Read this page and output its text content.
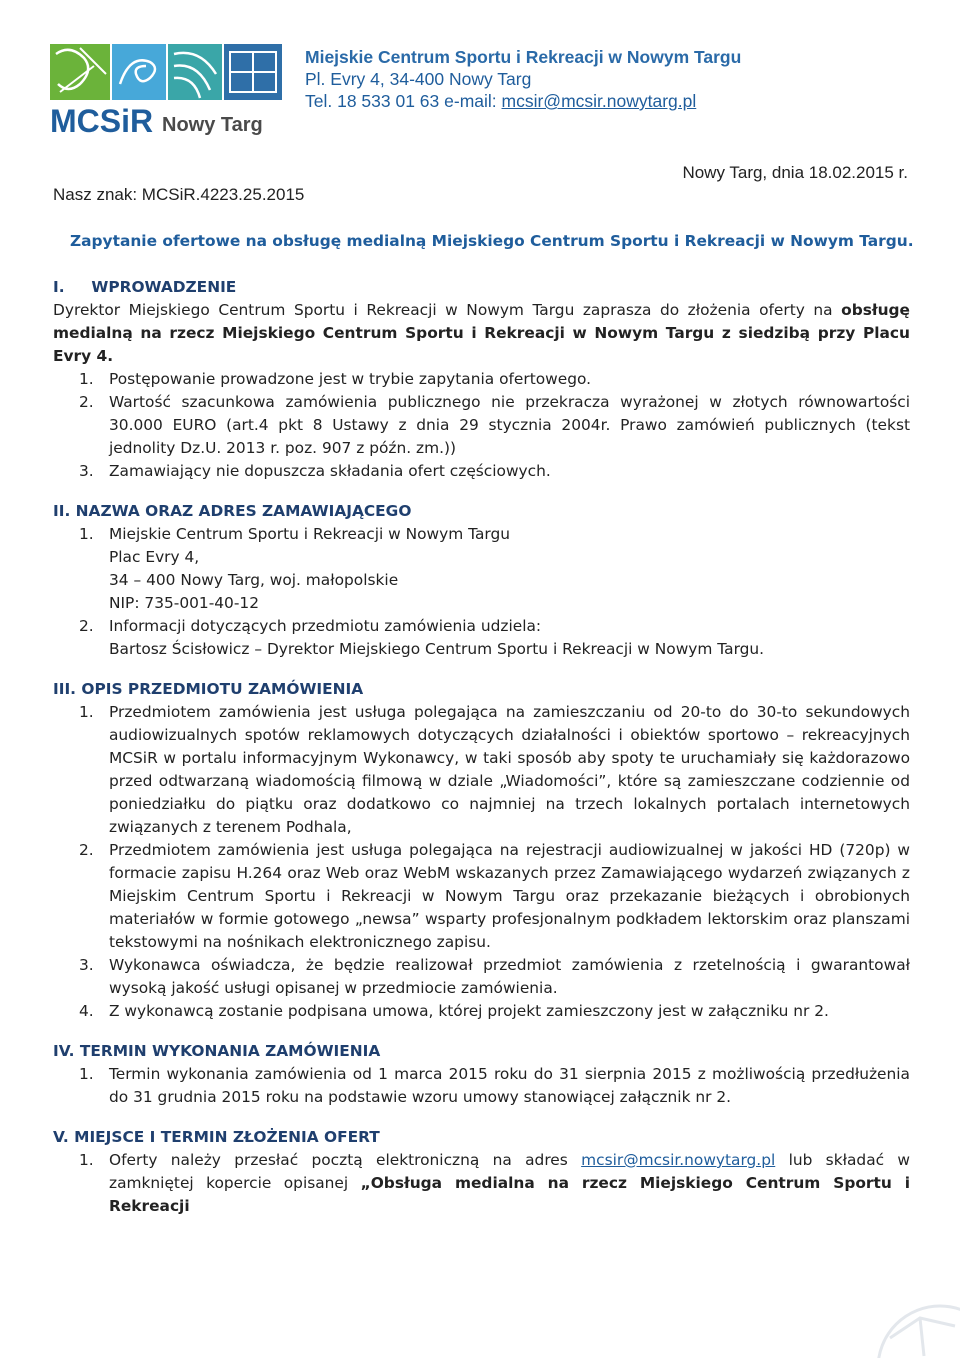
MCSiR Nowy Targ
Miejskie Centrum Sportu i Rekreacji w Nowym Targu
Pl. Evry 4, 34-400 Nowy Targ
Tel. 18 533 01 63 e-mail: mcsir@mcsir.nowytarg.pl
Nowy Targ, dnia 18.02.2015 r.
Nasz znak: MCSiR.4223.25.2015
Zapytanie ofertowe na obsługę medialną Miejskiego Centrum Sportu i Rekreacji w Nowym Targu.
I.     WPROWADZENIE
Dyrektor Miejskiego Centrum Sportu i Rekreacji w Nowym Targu zaprasza do złożenia oferty na obsługę medialną na rzecz Miejskiego Centrum Sportu i Rekreacji w Nowym Targu z siedzibą przy Placu Evry 4.
1. Postępowanie prowadzone jest w trybie zapytania ofertowego.
2. Wartość szacunkowa zamówienia publicznego nie przekracza wyrażonej w złotych równowartości 30.000 EURO (art.4 pkt 8 Ustawy z dnia 29 stycznia 2004r. Prawo zamówień publicznych (tekst jednolity Dz.U. 2013 r. poz. 907 z późn. zm.))
3. Zamawiający nie dopuszcza składania ofert częściowych.
II. NAZWA ORAZ ADRES ZAMAWIAJĄCEGO
1. Miejskie Centrum Sportu i Rekreacji w Nowym Targu
Plac Evry 4,
34 – 400 Nowy Targ, woj. małopolskie
NIP: 735-001-40-12
2. Informacji dotyczących przedmiotu zamówienia udziela:
Bartosz Ścisłowicz – Dyrektor Miejskiego Centrum Sportu i Rekreacji w Nowym Targu.
III. OPIS PRZEDMIOTU ZAMÓWIENIA
1. Przedmiotem zamówienia jest usługa polegająca na zamieszczaniu od 20-to do 30-to sekundowych audiowizualnych spotów reklamowych dotyczących działalności i obiektów sportowo – rekreacyjnych MCSiR w portalu informacyjnym Wykonawcy, w taki sposób aby spoty te uruchamiały się każdorazowo przed odtwarzaną wiadomością filmową w dziale „Wiadomości”, które są zamieszczane codziennie od poniedziałku do piątku oraz dodatkowo co najmniej na trzech lokalnych portalach internetowych związanych z terenem Podhala,
2. Przedmiotem zamówienia jest usługa polegająca na rejestracji audiowizualnej w jakości HD (720p) w formacie zapisu H.264 oraz Web oraz WebM wskazanych przez Zamawiającego wydarzeń związanych z Miejskim Centrum Sportu i Rekreacji w Nowym Targu oraz przekazanie bieżących i obrobionych materiałów w formie gotowego „newsa” wsparty profesjonalnym podkładem lektorskim oraz planszami tekstowymi na nośnikach elektronicznego zapisu.
3. Wykonawca oświadcza, że będzie realizował przedmiot zamówienia z rzetelnością i gwarantował wysoką jakość usługi opisanej w przedmiocie zamówienia.
4. Z wykonawcą zostanie podpisana umowa, której projekt zamieszczony jest w załączniku nr 2.
IV. TERMIN WYKONANIA ZAMÓWIENIA
1. Termin wykonania zamówienia od 1 marca 2015 roku do 31 sierpnia 2015 z możliwością przedłużenia do 31 grudnia 2015 roku na podstawie wzoru umowy stanowiącej załącznik nr 2.
V. MIEJSCE I TERMIN ZŁOŻENIA OFERT
1. Oferty należy przesłać pocztą elektroniczną na adres mcsir@mcsir.nowytarg.pl lub składać w zamkniętej kopercie opisanej „Obsługa medialna na rzecz Miejskiego Centrum Sportu i Rekreacji
